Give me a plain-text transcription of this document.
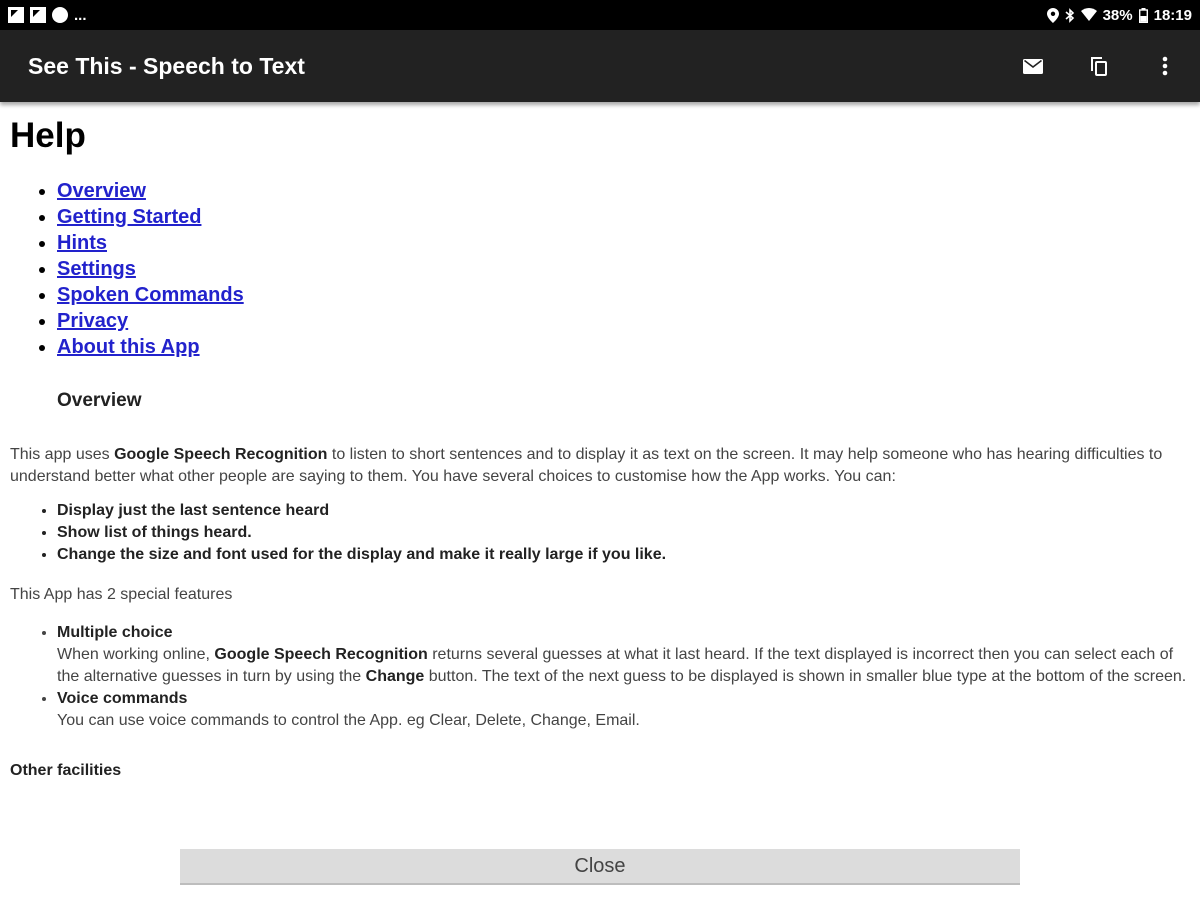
...	38% 18:19
See This - Speech to Text
Help
• Overview
• Getting Started
• Hints
• Settings
• Spoken Commands
• Privacy
• About this App
Overview

This app uses Google Speech Recognition to listen to short sentences and to display it as text on the screen. It may help someone who has hearing difficulties to understand better what other people are saying to them. You have several choices to customise how the App works. You can:

• Display just the last sentence heard
• Show list of things heard.
• Change the size and font used for the display and make it really large if you like.

This App has 2 special features

• Multiple choice
When working online, Google Speech Recognition returns several guesses at what it last heard. If the text displayed is incorrect then you can select each of the alternative guesses in turn by using the Change button. The text of the next guess to be displayed is shown in smaller blue type at the bottom of the screen.
• Voice commands
You can use voice commands to control the App. eg Clear, Delete, Change, Email.
Other facilities
Close
